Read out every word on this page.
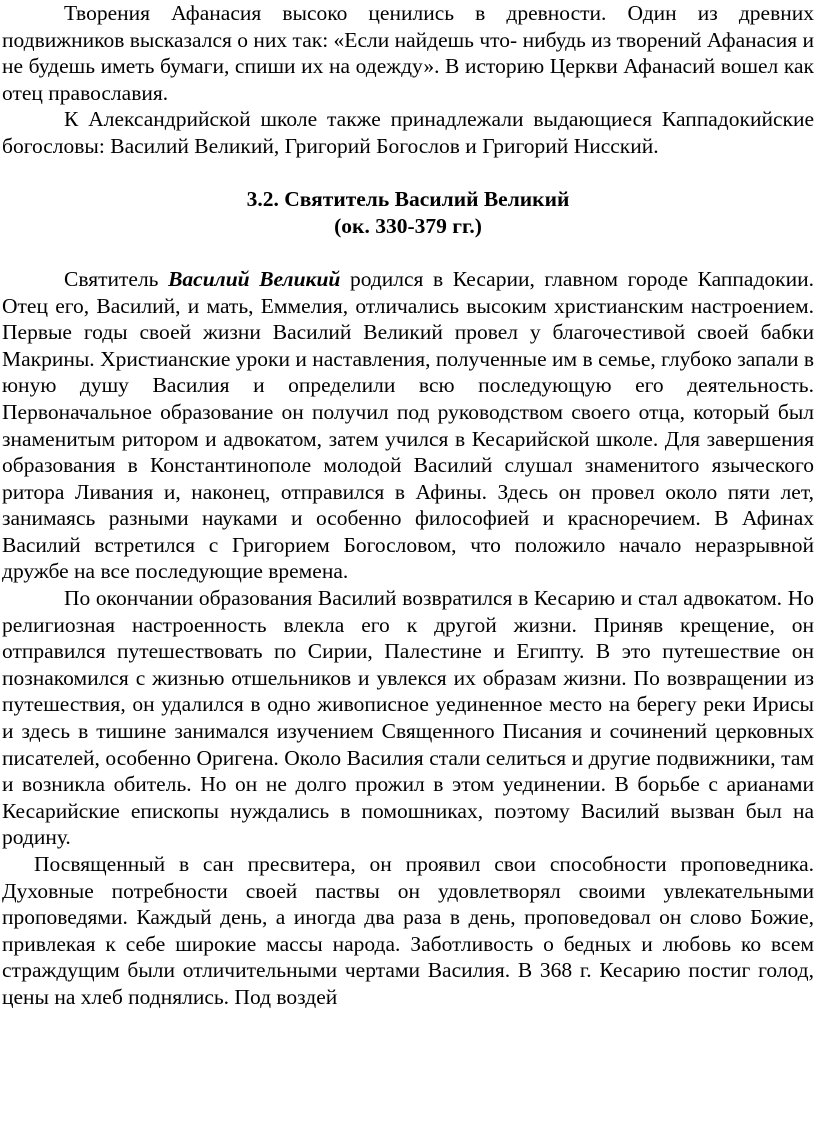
Творения Афанасия высоко ценились в древности. Один из древних подвижников высказался о них так: «Если найдешь что- нибудь из творений Афанасия и не будешь иметь бумаги, спиши их на одежду». В историю Церкви Афанасий вошел как отец православия.

К Александрийской школе также принадлежали выдающиеся Каппадокийские богословы: Василий Великий, Григорий Богослов и Григорий Нисский.

3.2. Святитель Василий Великий

(ок. 330-379 гг.)

Святитель Василий Великий родился в Кесарии, главном городе Каппадокии. Отец его, Василий, и мать, Еммелия, отличались высоким христианским настроением. Первые годы своей жизни Василий Великий провел у благочестивой своей бабки Макрины. Христианские уроки и наставления, полученные им в семье, глубоко запали в юную душу Василия и определили всю последующую его деятельность. Первоначальное образование он получил под руководством своего отца, который был знаменитым ритором и адвокатом, затем учился в Кесарийской школе. Для завершения образования в Константинополе молодой Василий слушал знаменитого языческого ритора Ливания и, наконец, отправился в Афины. Здесь он провел около пяти лет, занимаясь разными науками и особенно философией и красноречием. В Афинах Василий встретился с Григорием Богословом, что положило начало неразрывной дружбе на все последующие времена.

По окончании образования Василий возвратился в Кесарию и стал адвокатом. Но религиозная настроенность влекла его к другой жизни. Приняв крещение, он отправился путешествовать по Сирии, Палестине и Египту. В это путешествие он познакомился с жизнью отшельников и увлекся их образам жизни. По возвращении из путешествия, он удалился в одно живописное уединенное место на берегу реки Ирисы и здесь в тишине занимался изучением Священного Писания и сочинений церковных писателей, особенно Оригена. Около Василия стали селиться и другие подвижники, там и возникла обитель. Но он не долго прожил в этом уединении. В борьбе с арианами Кесарийские епископы нуждались в помошниках, поэтому Василий вызван был на родину.

Посвященный в сан пресвитера, он проявил свои способности проповедника. Духовные потребности своей паствы он удовлетворял своими увлекательными проповедями. Каждый день, а иногда два раза в день, проповедовал он слово Божие, привлекая к себе широкие массы народа. Заботливость о бедных и любовь ко всем страждущим были отличительными чертами Василия. В 368 г. Кесарию постиг голод, цены на хлеб поднялись. Под воздей
